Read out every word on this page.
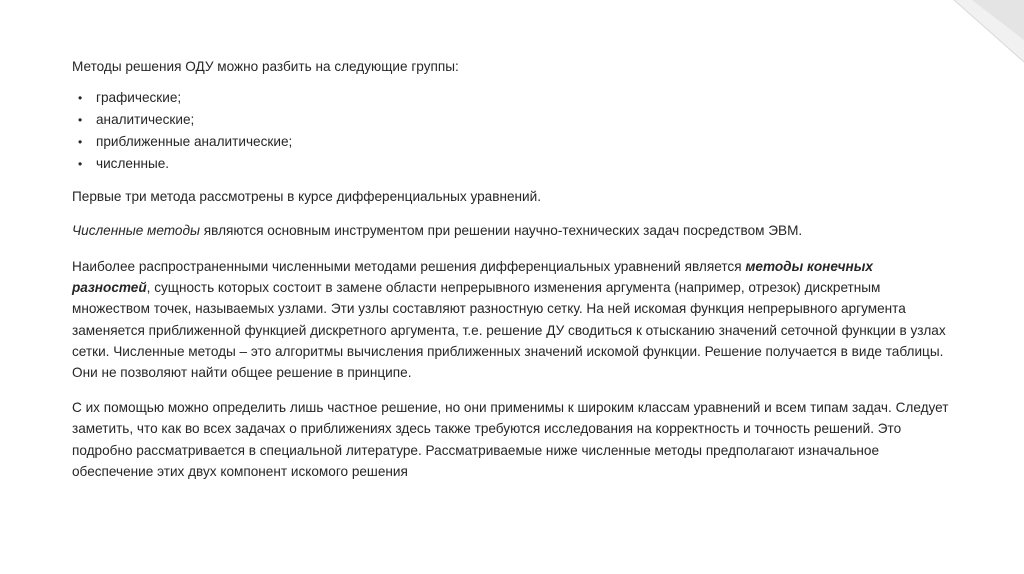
Методы решения ОДУ можно разбить на следующие группы:

• графические;
• аналитические;
• приближенные аналитические;
• численные.

Первые три метода рассмотрены в курсе дифференциальных уравнений.

Численные методы являются основным инструментом при решении научно-технических задач посредством ЭВМ.

Наиболее распространенными численными методами решения дифференциальных уравнений является методы конечных разностей, сущность которых состоит в замене области непрерывного изменения аргумента (например, отрезок) дискретным множеством точек, называемых узлами. Эти узлы составляют разностную сетку. На ней искомая функция непрерывного аргумента заменяется приближенной функцией дискретного аргумента, т.е. решение ДУ сводиться к отысканию значений сеточной функции в узлах сетки. Численные методы – это алгоритмы вычисления приближенных значений искомой функции. Решение получается в виде таблицы. Они не позволяют найти общее решение в принципе.

С их помощью можно определить лишь частное решение, но они применимы к широким классам уравнений и всем типам задач. Следует заметить, что как во всех задачах о приближениях здесь также требуются исследования на корректность и точность решений. Это подробно рассматривается в специальной литературе. Рассматриваемые ниже численные методы предполагают изначальное обеспечение этих двух компонент искомого решения
